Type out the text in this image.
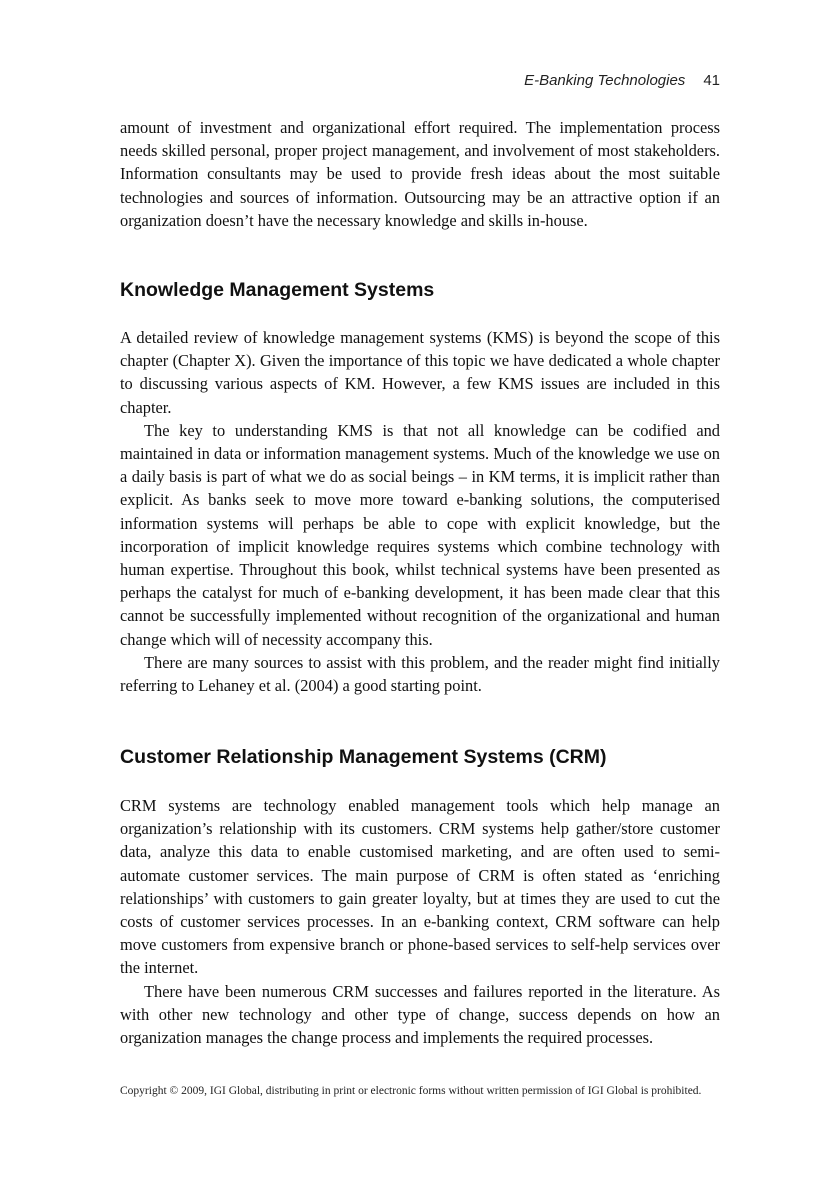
E-Banking Technologies 41

amount of investment and organizational effort required. The implementation process needs skilled personal, proper project management, and involvement of most stakeholders. Information consultants may be used to provide fresh ideas about the most suitable technologies and sources of information. Outsourcing may be an attractive option if an organization doesn’t have the necessary knowledge and skills in-house.

Knowledge Management Systems

A detailed review of knowledge management systems (KMS) is beyond the scope of this chapter (Chapter X). Given the importance of this topic we have dedicated a whole chapter to discussing various aspects of KM. However, a few KMS issues are included in this chapter.

The key to understanding KMS is that not all knowledge can be codified and maintained in data or information management systems. Much of the knowledge we use on a daily basis is part of what we do as social beings – in KM terms, it is implicit rather than explicit. As banks seek to move more toward e-banking solutions, the computerised information systems will perhaps be able to cope with explicit knowledge, but the incorporation of implicit knowledge requires systems which combine technology with human expertise. Throughout this book, whilst technical systems have been presented as perhaps the catalyst for much of e-banking development, it has been made clear that this cannot be successfully implemented without recognition of the organizational and human change which will of necessity accompany this.

There are many sources to assist with this problem, and the reader might find initially referring to Lehaney et al. (2004) a good starting point.

Customer Relationship Management Systems (CRM)

CRM systems are technology enabled management tools which help manage an organization’s relationship with its customers. CRM systems help gather/store customer data, analyze this data to enable customised marketing, and are often used to semi-automate customer services. The main purpose of CRM is often stated as ‘enriching relationships’ with customers to gain greater loyalty, but at times they are used to cut the costs of customer services processes. In an e-banking context, CRM software can help move customers from expensive branch or phone-based services to self-help services over the internet.

There have been numerous CRM successes and failures reported in the literature. As with other new technology and other type of change, success depends on how an organization manages the change process and implements the required processes.

Copyright © 2009, IGI Global, distributing in print or electronic forms without written permission of IGI Global is prohibited.
